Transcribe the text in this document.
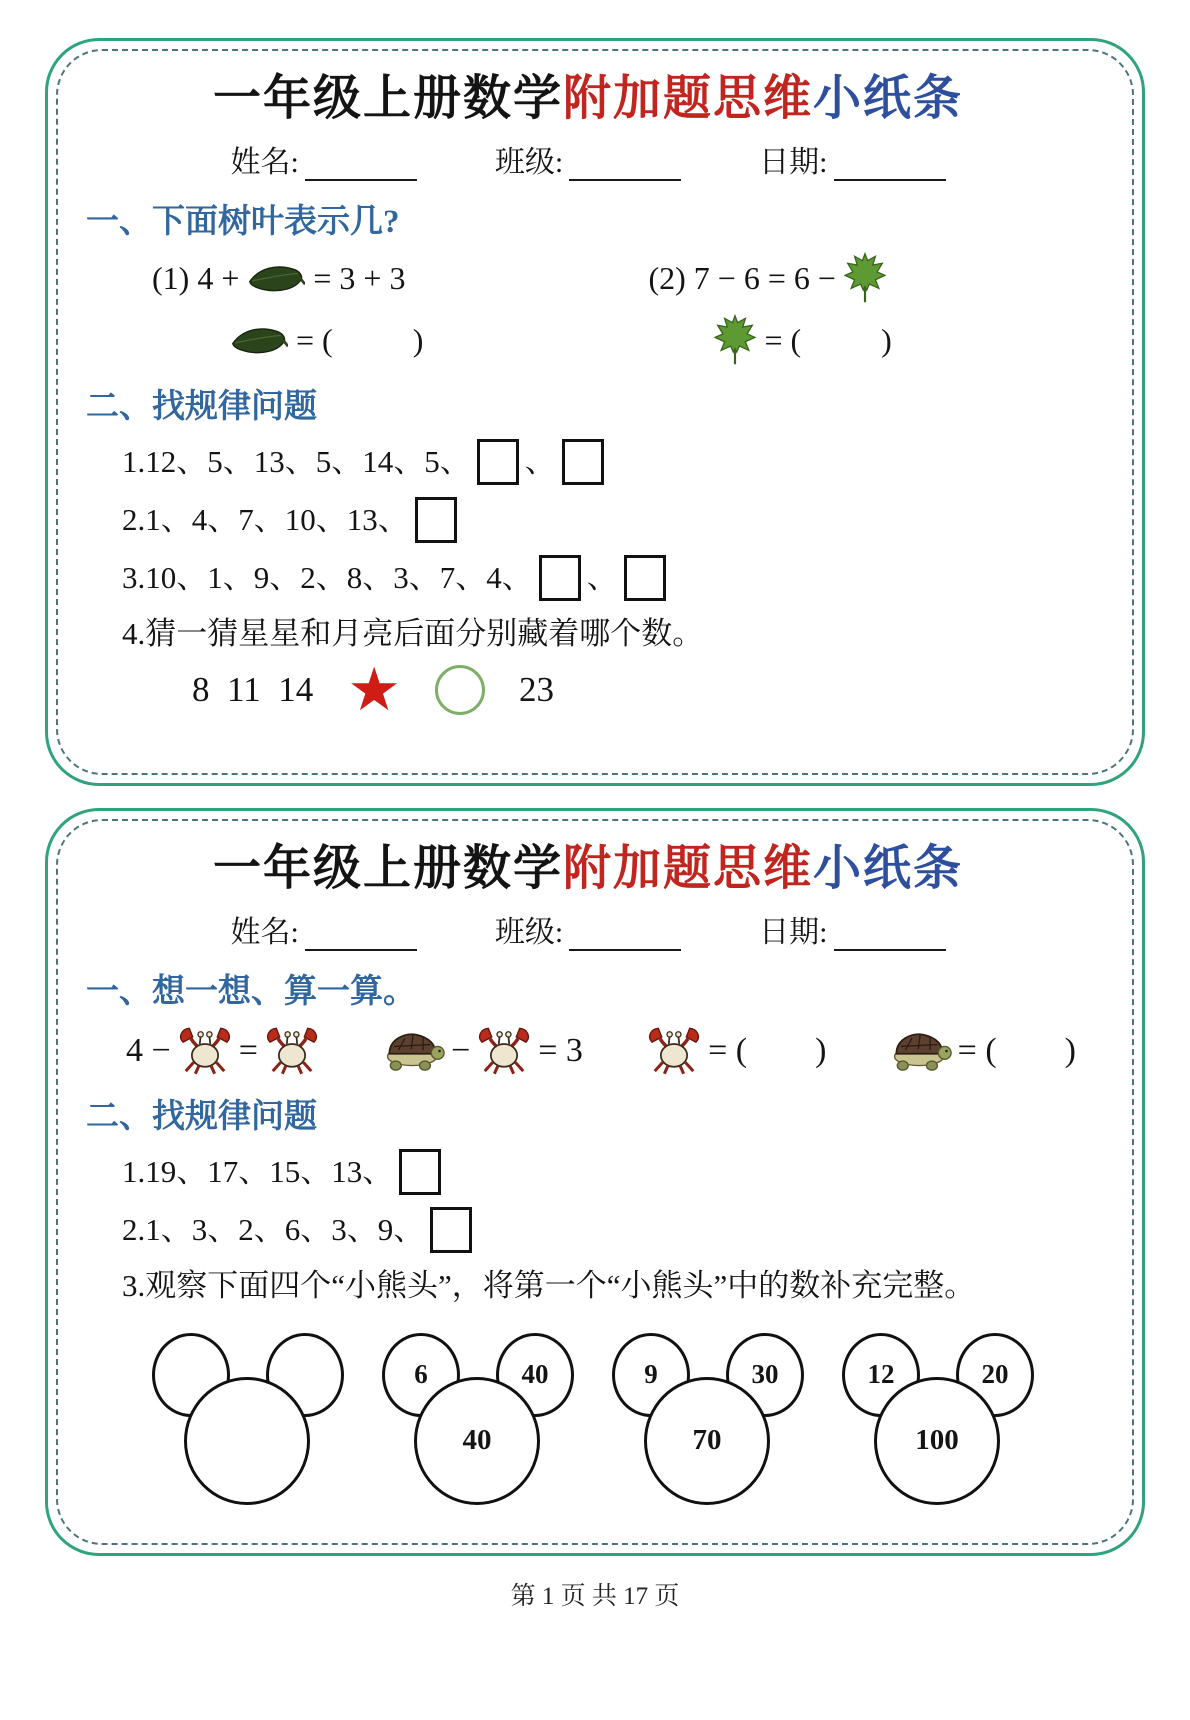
一年级上册数学附加题思维小纸条
姓名:	班级:	日期:
一、下面树叶表示几?
(1) 4 + = 3 + 3	(2) 7 − 6 = 6 −
= (          )	= (          )
二、找规律问题
1.12、5、13、5、14、5、 、
2.1、4、7、10、13、
3.10、1、9、2、8、3、7、4、 、
4.猜一猜星星和月亮后面分别藏着哪个数。
8  11  14 ★	23
一年级上册数学附加题思维小纸条
姓名:	班级:	日期:
一、想一想、算一算。
4 − =	− = 3	= (        )	= (        )
二、找规律问题
1.19、17、15、13、
2.1、3、2、6、3、9、
3.观察下面四个“小熊头”，将第一个“小熊头”中的数补充完整。
6	40
40
9	30
70
12	20
100
第 1 页 共 17 页
